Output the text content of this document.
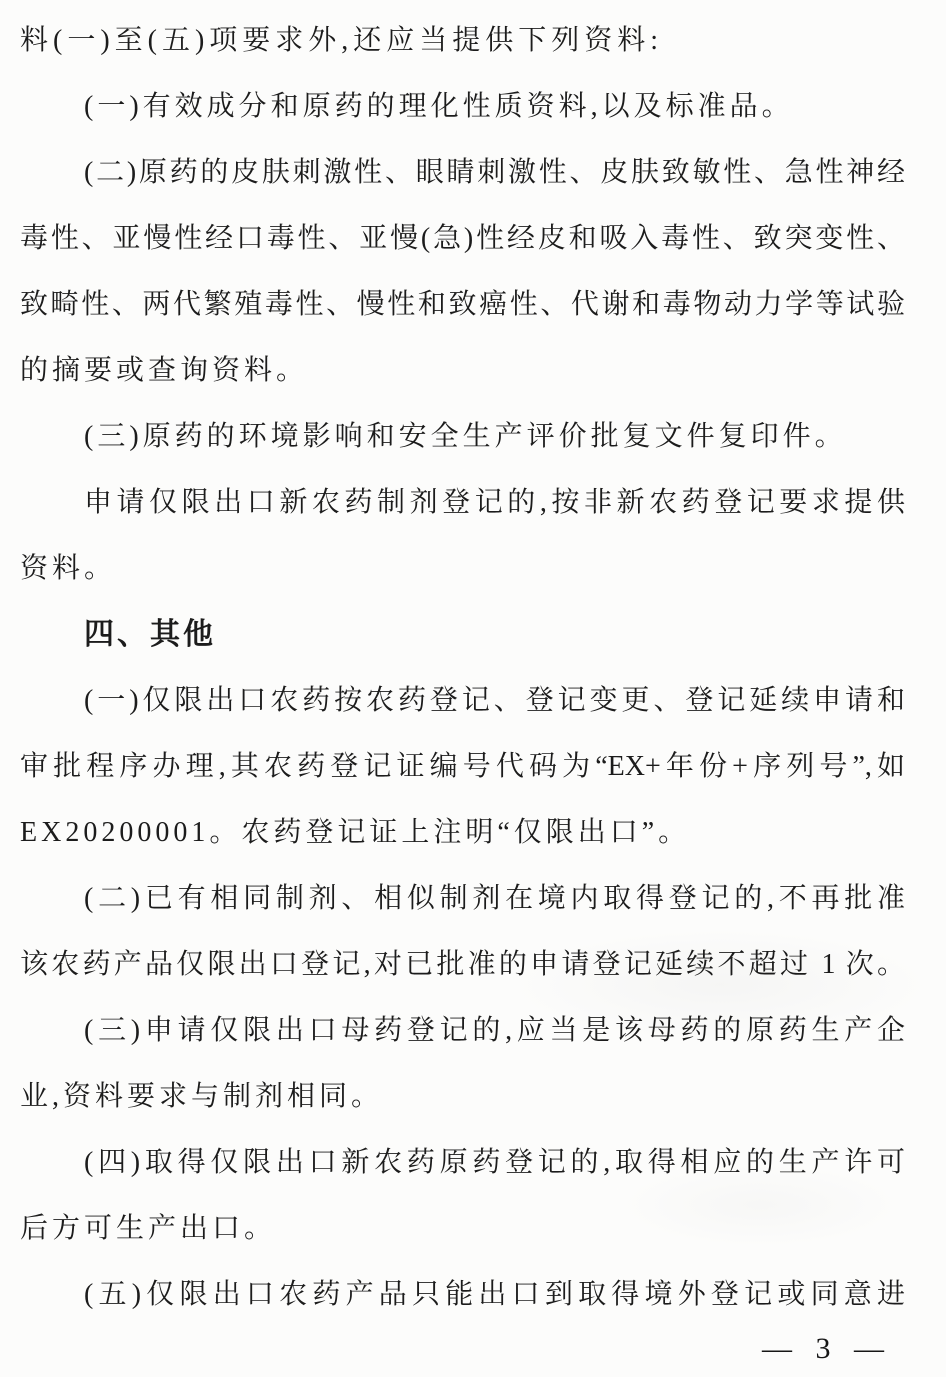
料(一)至(五)项要求外,还应当提供下列资料:
(一)有效成分和原药的理化性质资料,以及标准品。
(二)原药的皮肤刺激性、眼睛刺激性、皮肤致敏性、急性神经
毒性、亚慢性经口毒性、亚慢(急)性经皮和吸入毒性、致突变性、
致畸性、两代繁殖毒性、慢性和致癌性、代谢和毒物动力学等试验
的摘要或查询资料。
(三)原药的环境影响和安全生产评价批复文件复印件。
申请仅限出口新农药制剂登记的,按非新农药登记要求提供
资料。
四、其他
(一)仅限出口农药按农药登记、登记变更、登记延续申请和
审批程序办理,其农药登记证编号代码为“EX+年份+序列号”,如
EX20200001。农药登记证上注明“仅限出口”。
(二)已有相同制剂、相似制剂在境内取得登记的,不再批准
该农药产品仅限出口登记,对已批准的申请登记延续不超过 1 次。
(三)申请仅限出口母药登记的,应当是该母药的原药生产企
业,资料要求与制剂相同。
(四)取得仅限出口新农药原药登记的,取得相应的生产许可
后方可生产出口。
(五)仅限出口农药产品只能出口到取得境外登记或同意进
— 3 —
